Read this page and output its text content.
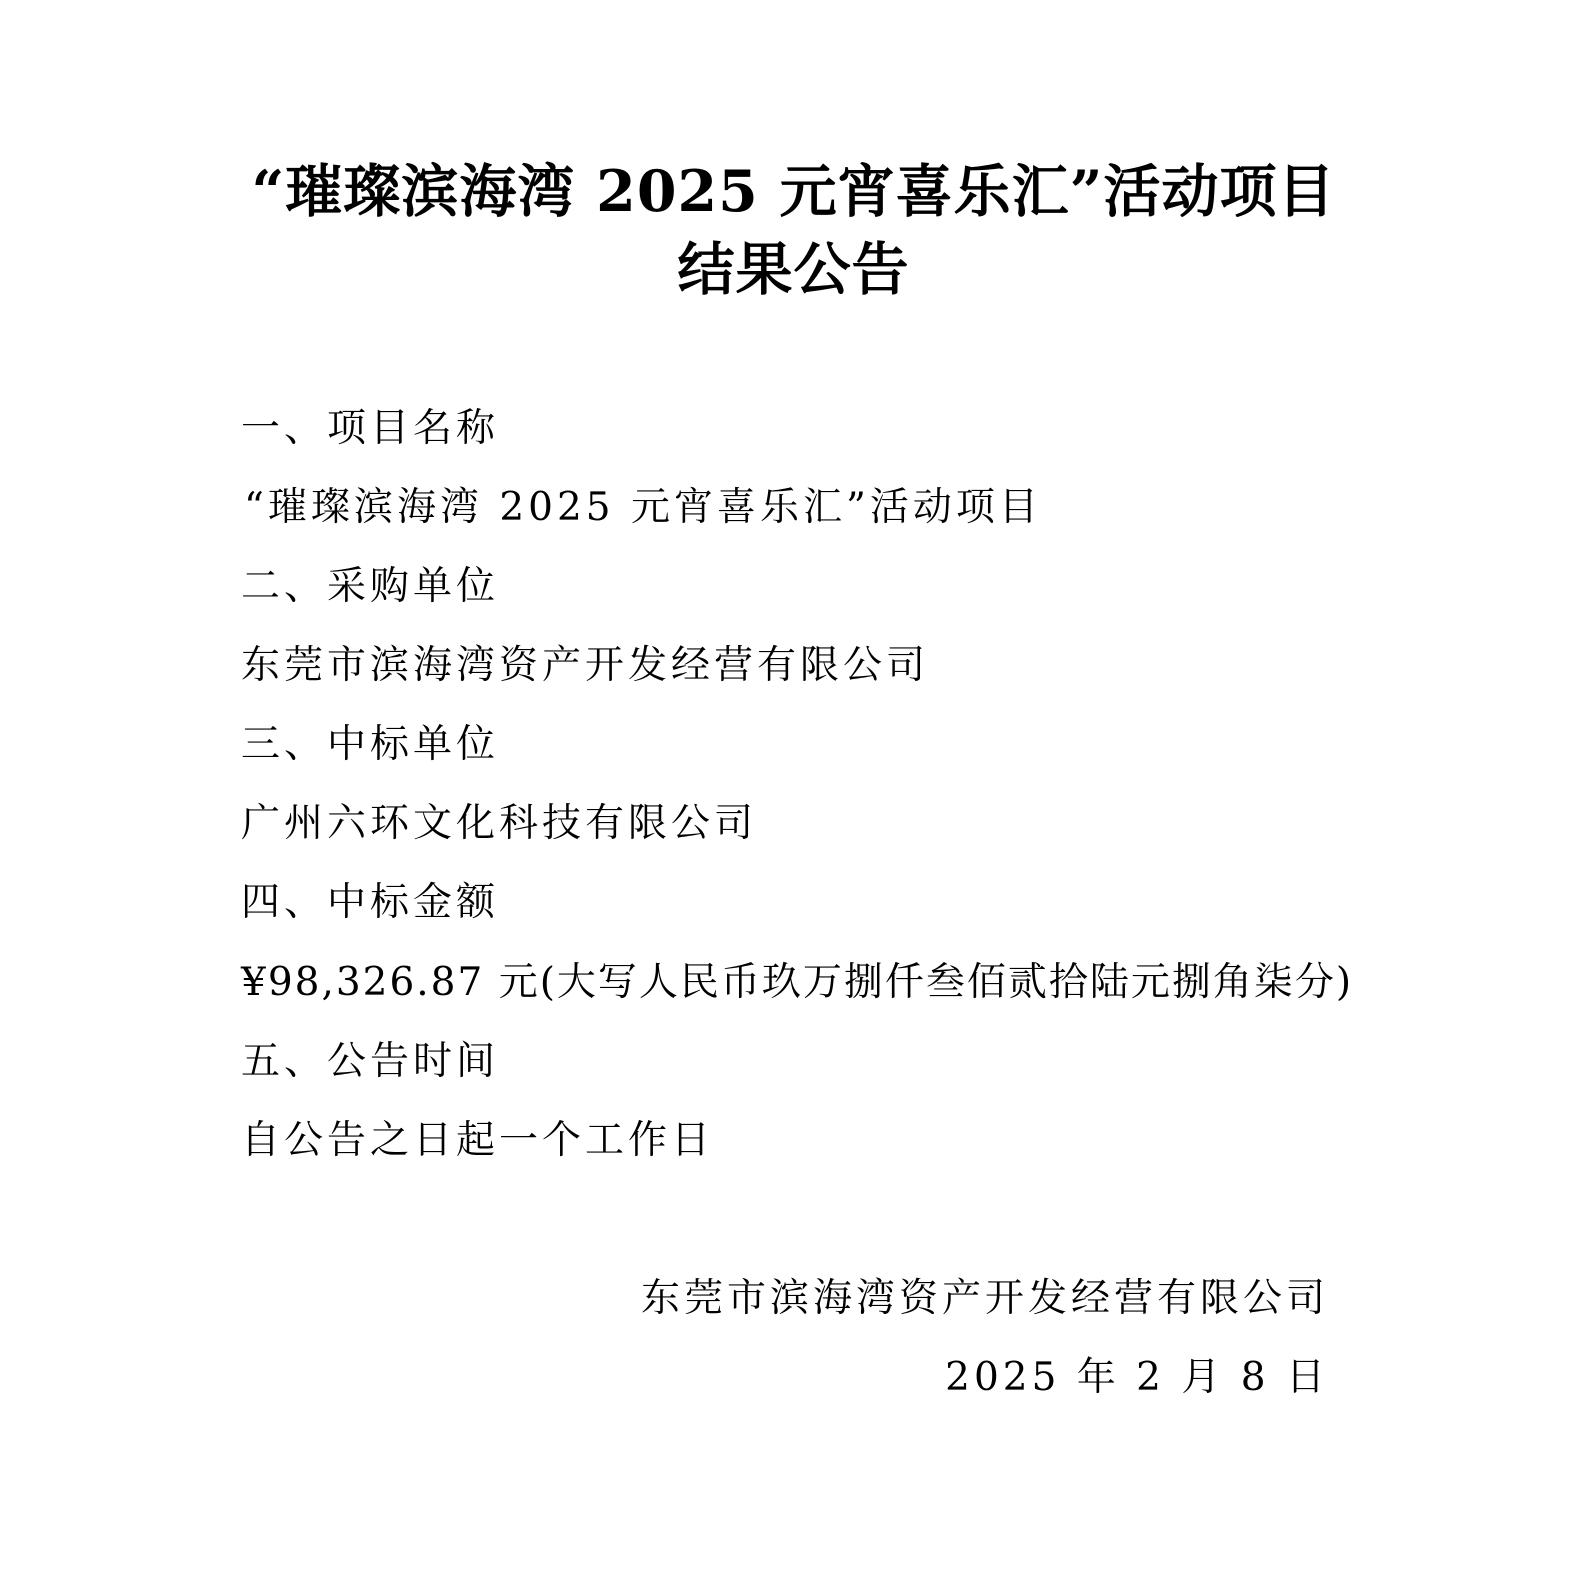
“璀璨滨海湾 2025 元宵喜乐汇”活动项目
结果公告
一、项目名称
“璀璨滨海湾 2025 元宵喜乐汇”活动项目
二、采购单位
东莞市滨海湾资产开发经营有限公司
三、中标单位
广州六环文化科技有限公司
四、中标金额
¥98,326.87 元(大写人民币玖万捌仟叁佰贰拾陆元捌角柒分)
五、公告时间
自公告之日起一个工作日
东莞市滨海湾资产开发经营有限公司
2025 年 2 月 8 日
